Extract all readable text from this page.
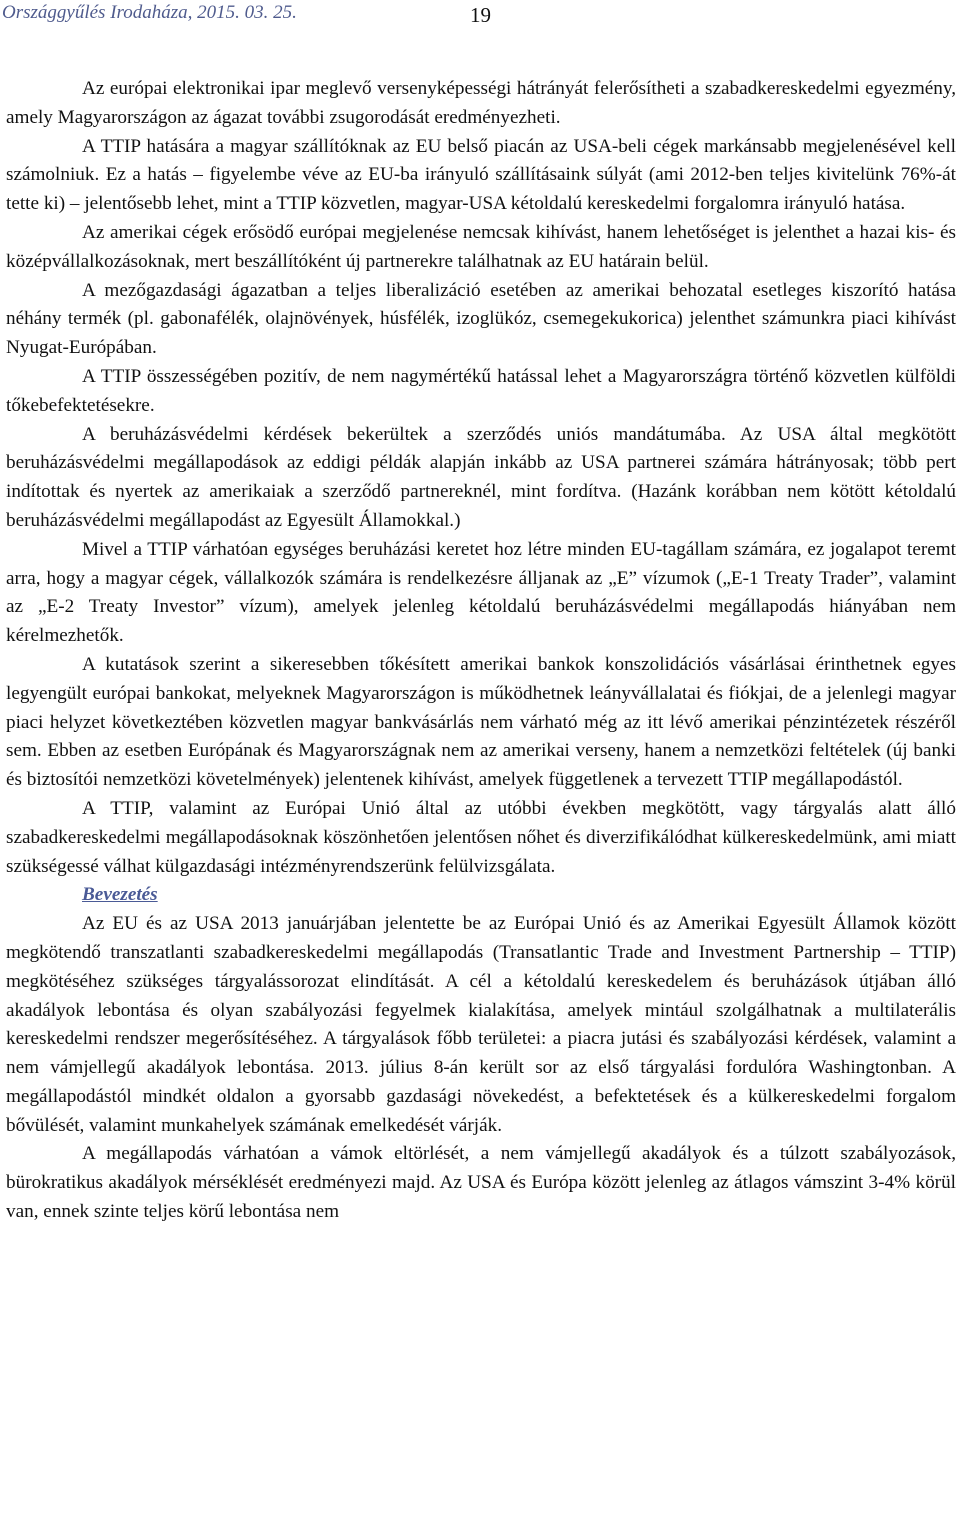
Országgyűlés Irodaháza, 2015. 03. 25.	19

Az európai elektronikai ipar meglevő versenyképességi hátrányát felerősítheti a szabadkereskedelmi egyezmény, amely Magyarországon az ágazat további zsugorodását eredményezheti.

A TTIP hatására a magyar szállítóknak az EU belső piacán az USA-beli cégek markánsabb megjelenésével kell számolniuk. Ez a hatás – figyelembe véve az EU-ba irányuló szállításaink súlyát (ami 2012-ben teljes kivitelünk 76%-át tette ki) – jelentősebb lehet, mint a TTIP közvetlen, magyar-USA kétoldalú kereskedelmi forgalomra irányuló hatása.

Az amerikai cégek erősödő európai megjelenése nemcsak kihívást, hanem lehetőséget is jelenthet a hazai kis- és középvállalkozásoknak, mert beszállítóként új partnerekre találhatnak az EU határain belül.

A mezőgazdasági ágazatban a teljes liberalizáció esetében az amerikai behozatal esetleges kiszorító hatása néhány termék (pl. gabonafélék, olajnövények, húsfélék, izoglükóz, csemegekukorica) jelenthet számunkra piaci kihívást Nyugat-Európában.

A TTIP összességében pozitív, de nem nagymértékű hatással lehet a Magyarországra történő közvetlen külföldi tőkebefektetésekre.

A beruházásvédelmi kérdések bekerültek a szerződés uniós mandátumába. Az USA által megkötött beruházásvédelmi megállapodások az eddigi példák alapján inkább az USA partnerei számára hátrányosak; több pert indítottak és nyertek az amerikaiak a szerződő partnereknél, mint fordítva. (Hazánk korábban nem kötött kétoldalú beruházásvédelmi megállapodást az Egyesült Államokkal.)

Mivel a TTIP várhatóan egységes beruházási keretet hoz létre minden EU-tagállam számára, ez jogalapot teremt arra, hogy a magyar cégek, vállalkozók számára is rendelkezésre álljanak az „E” vízumok („E-1 Treaty Trader”, valamint az „E-2 Treaty Investor” vízum), amelyek jelenleg kétoldalú beruházásvédelmi megállapodás hiányában nem kérelmezhetők.

A kutatások szerint a sikeresebben tőkésített amerikai bankok konszolidációs vásárlásai érinthetnek egyes legyengült európai bankokat, melyeknek Magyarországon is működhetnek leányvállalatai és fiókjai, de a jelenlegi magyar piaci helyzet következtében közvetlen magyar bankvásárlás nem várható még az itt lévő amerikai pénzintézetek részéről sem. Ebben az esetben Európának és Magyarországnak nem az amerikai verseny, hanem a nemzetközi feltételek (új banki és biztosítói nemzetközi követelmények) jelentenek kihívást, amelyek függetlenek a tervezett TTIP megállapodástól.

A TTIP, valamint az Európai Unió által az utóbbi években megkötött, vagy tárgyalás alatt álló szabadkereskedelmi megállapodásoknak köszönhetően jelentősen nőhet és diverzifikálódhat külkereskedelmünk, ami miatt szükségessé válhat külgazdasági intézményrendszerünk felülvizsgálata.

Bevezetés

Az EU és az USA 2013 januárjában jelentette be az Európai Unió és az Amerikai Egyesült Államok között megkötendő transzatlanti szabadkereskedelmi megállapodás (Transatlantic Trade and Investment Partnership – TTIP) megkötéséhez szükséges tárgyalássorozat elindítását. A cél a kétoldalú kereskedelem és beruházások útjában álló akadályok lebontása és olyan szabályozási fegyelmek kialakítása, amelyek mintául szolgálhatnak a multilaterális kereskedelmi rendszer megerősítéséhez. A tárgyalások főbb területei: a piacra jutási és szabályozási kérdések, valamint a nem vámjellegű akadályok lebontása. 2013. július 8-án került sor az első tárgyalási fordulóra Washingtonban. A megállapodástól mindkét oldalon a gyorsabb gazdasági növekedést, a befektetések és a külkereskedelmi forgalom bővülését, valamint munkahelyek számának emelkedését várják.

A megállapodás várhatóan a vámok eltörlését, a nem vámjellegű akadályok és a túlzott szabályozások, bürokratikus akadályok mérséklését eredményezi majd. Az USA és Európa között jelenleg az átlagos vámszint 3-4% körül van, ennek szinte teljes körű lebontása nem
